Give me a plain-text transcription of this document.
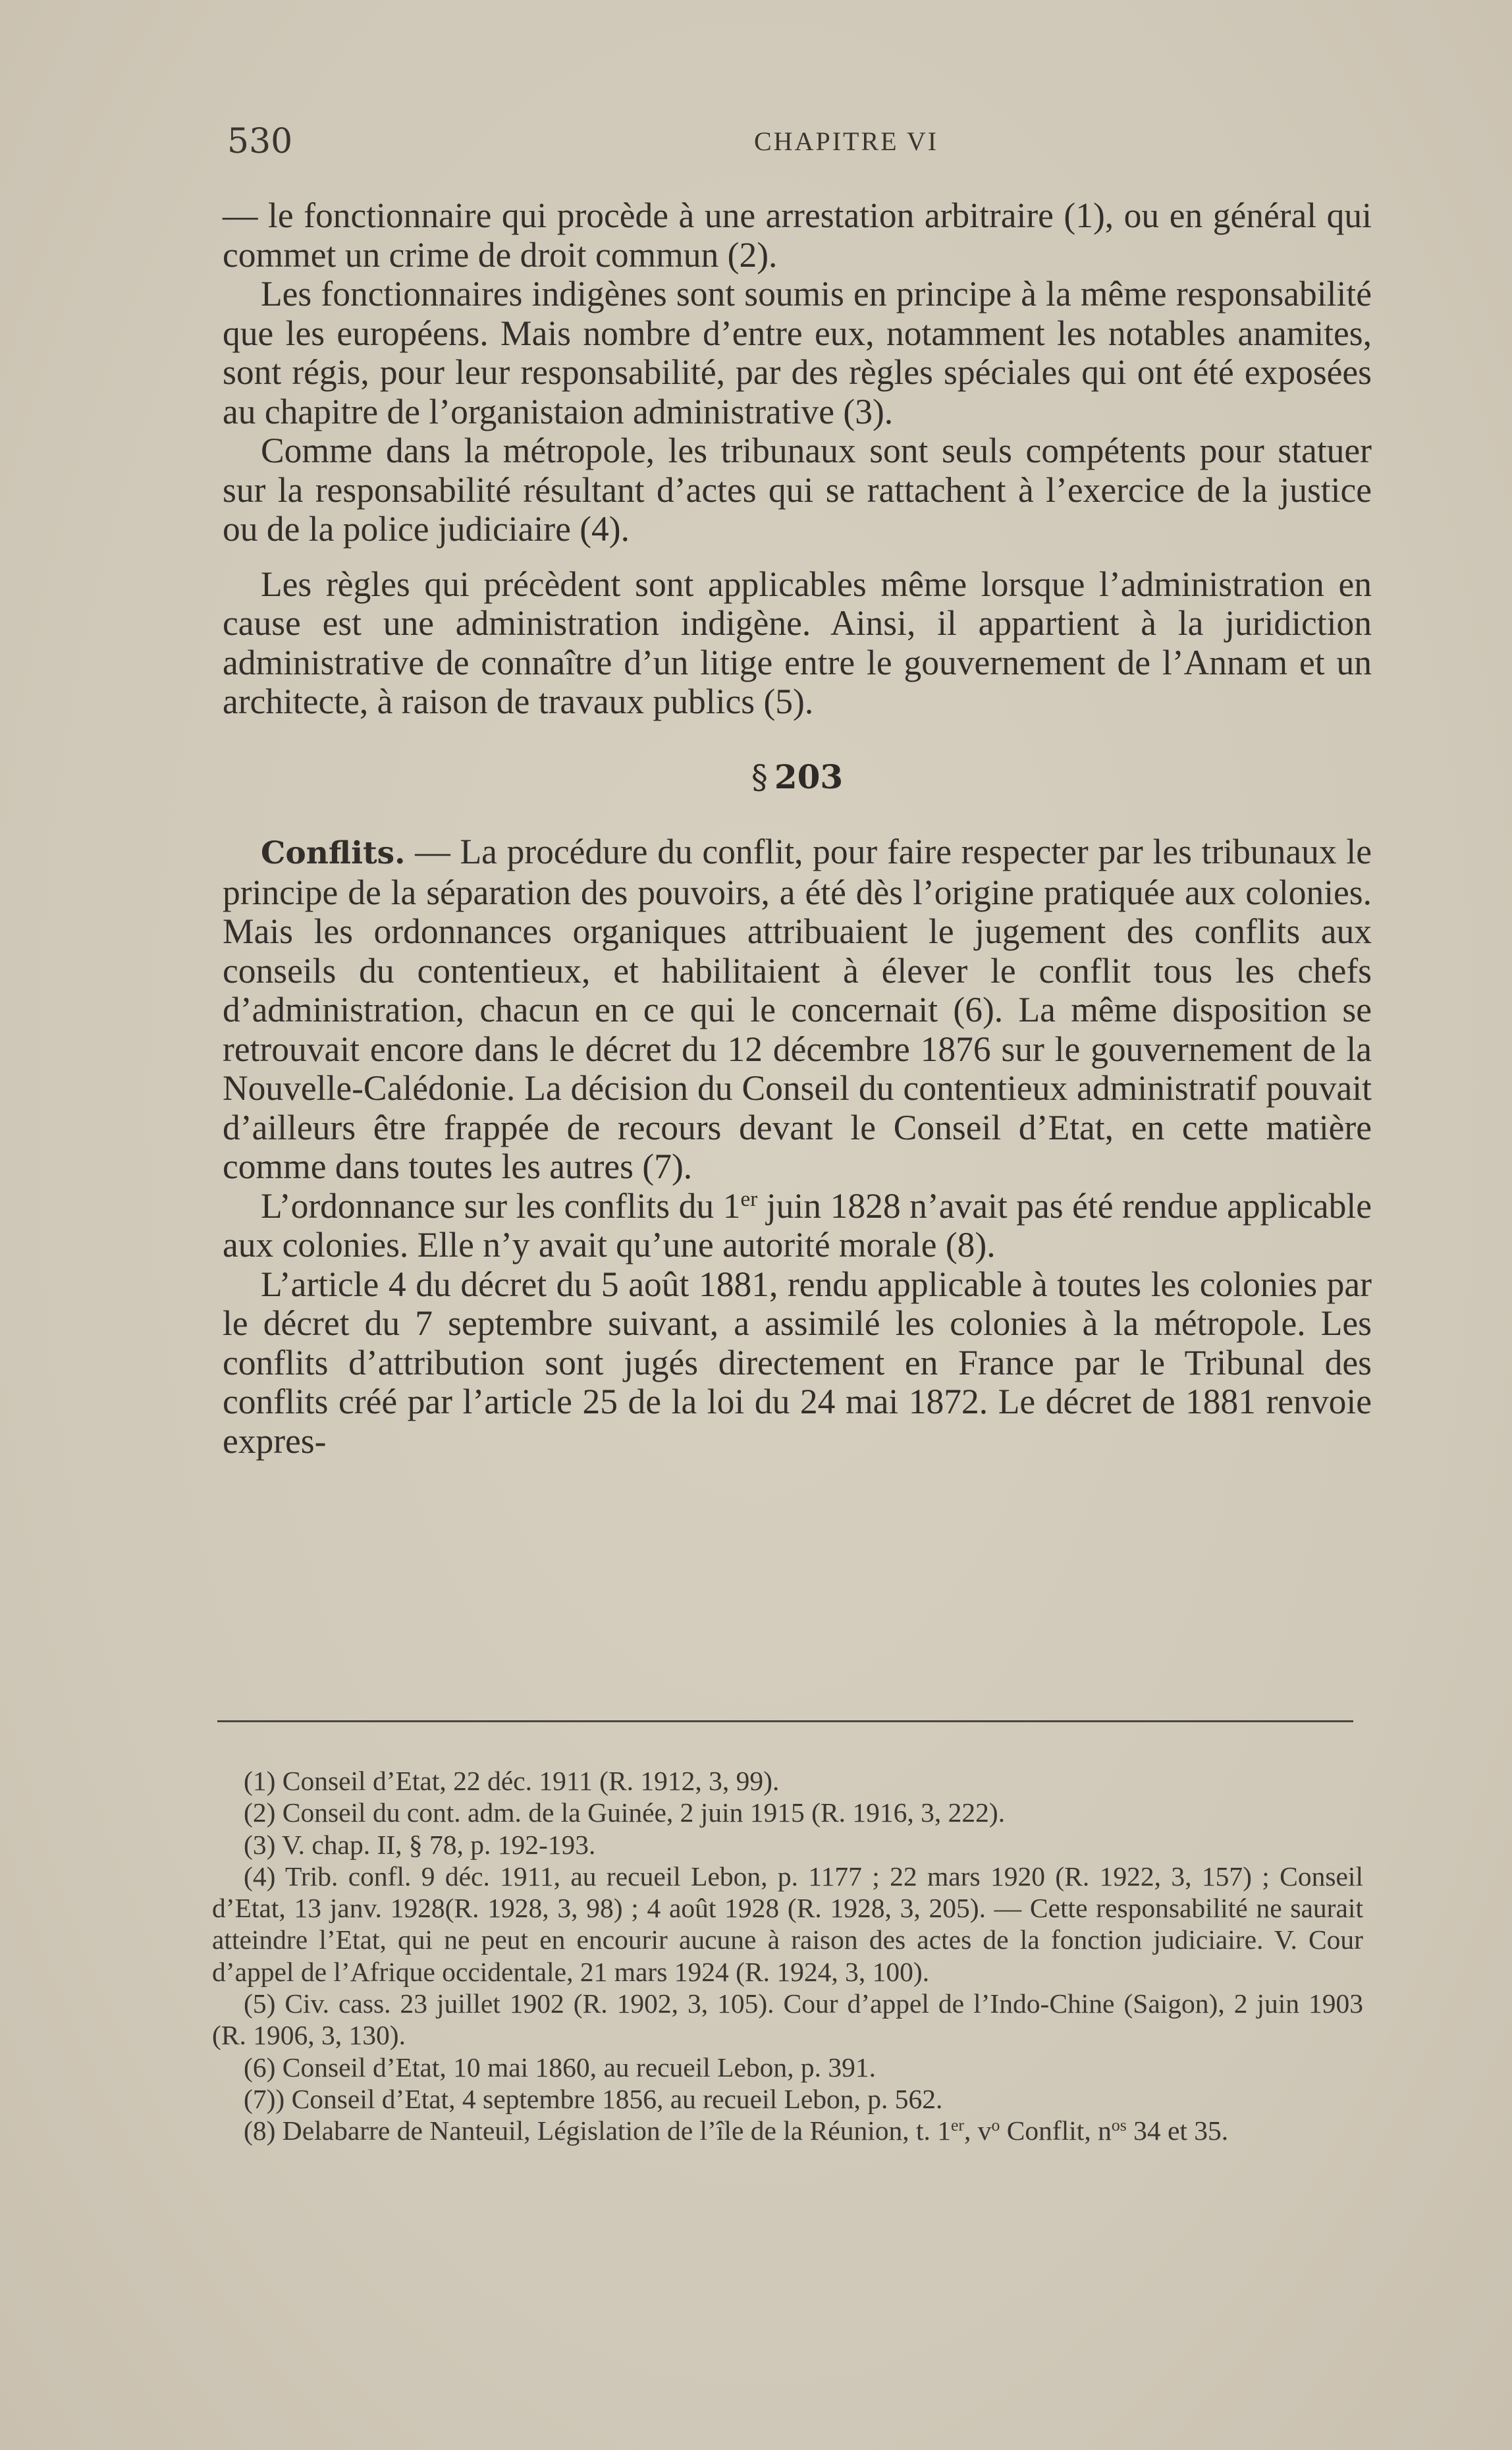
530	CHAPITRE VI

— le fonctionnaire qui procède à une arrestation arbitraire (1), ou en général qui commet un crime de droit commun (2).

Les fonctionnaires indigènes sont soumis en principe à la même responsabilité que les européens. Mais nombre d’entre eux, notamment les notables anamites, sont régis, pour leur responsabilité, par des règles spéciales qui ont été exposées au chapitre de l’organistaion administrative (3).

Comme dans la métropole, les tribunaux sont seuls compétents pour statuer sur la responsabilité résultant d’actes qui se rattachent à l’exercice de la justice ou de la police judiciaire (4).

Les règles qui précèdent sont applicables même lorsque l’administration en cause est une administration indigène. Ainsi, il appartient à la juridiction administrative de connaître d’un litige entre le gouvernement de l’Annam et un architecte, à raison de travaux publics (5).

§ 203

Conflits. — La procédure du conflit, pour faire respecter par les tribunaux le principe de la séparation des pouvoirs, a été dès l’origine pratiquée aux colonies. Mais les ordonnances organiques attribuaient le jugement des conflits aux conseils du contentieux, et habilitaient à élever le conflit tous les chefs d’administration, chacun en ce qui le concernait (6). La même disposition se retrouvait encore dans le décret du 12 décembre 1876 sur le gouvernement de la Nouvelle-Calédonie. La décision du Conseil du contentieux administratif pouvait d’ailleurs être frappée de recours devant le Conseil d’Etat, en cette matière comme dans toutes les autres (7).

L’ordonnance sur les conflits du 1er juin 1828 n’avait pas été rendue applicable aux colonies. Elle n’y avait qu’une autorité morale (8).

L’article 4 du décret du 5 août 1881, rendu applicable à toutes les colonies par le décret du 7 septembre suivant, a assimilé les colonies à la métropole. Les conflits d’attribution sont jugés directement en France par le Tribunal des conflits créé par l’article 25 de la loi du 24 mai 1872. Le décret de 1881 renvoie expres-

(1) Conseil d’Etat, 22 déc. 1911 (R. 1912, 3, 99).

(2) Conseil du cont. adm. de la Guinée, 2 juin 1915 (R. 1916, 3, 222).

(3) V. chap. II, § 78, p. 192-193.

(4) Trib. confl. 9 déc. 1911, au recueil Lebon, p. 1177 ; 22 mars 1920 (R. 1922, 3, 157) ; Conseil d’Etat, 13 janv. 1928(R. 1928, 3, 98) ; 4 août 1928 (R. 1928, 3, 205). — Cette responsabilité ne saurait atteindre l’Etat, qui ne peut en encourir aucune à raison des actes de la fonction judiciaire. V. Cour d’appel de l’Afrique occidentale, 21 mars 1924 (R. 1924, 3, 100).

(5) Civ. cass. 23 juillet 1902 (R. 1902, 3, 105). Cour d’appel de l’Indo-Chine (Saigon), 2 juin 1903 (R. 1906, 3, 130).

(6) Conseil d’Etat, 10 mai 1860, au recueil Lebon, p. 391.

(7)) Conseil d’Etat, 4 septembre 1856, au recueil Lebon, p. 562.

(8) Delabarre de Nanteuil, Législation de l’île de la Réunion, t. 1er, $v^o$ Conflit, $n^{os}$ 34 et 35.
